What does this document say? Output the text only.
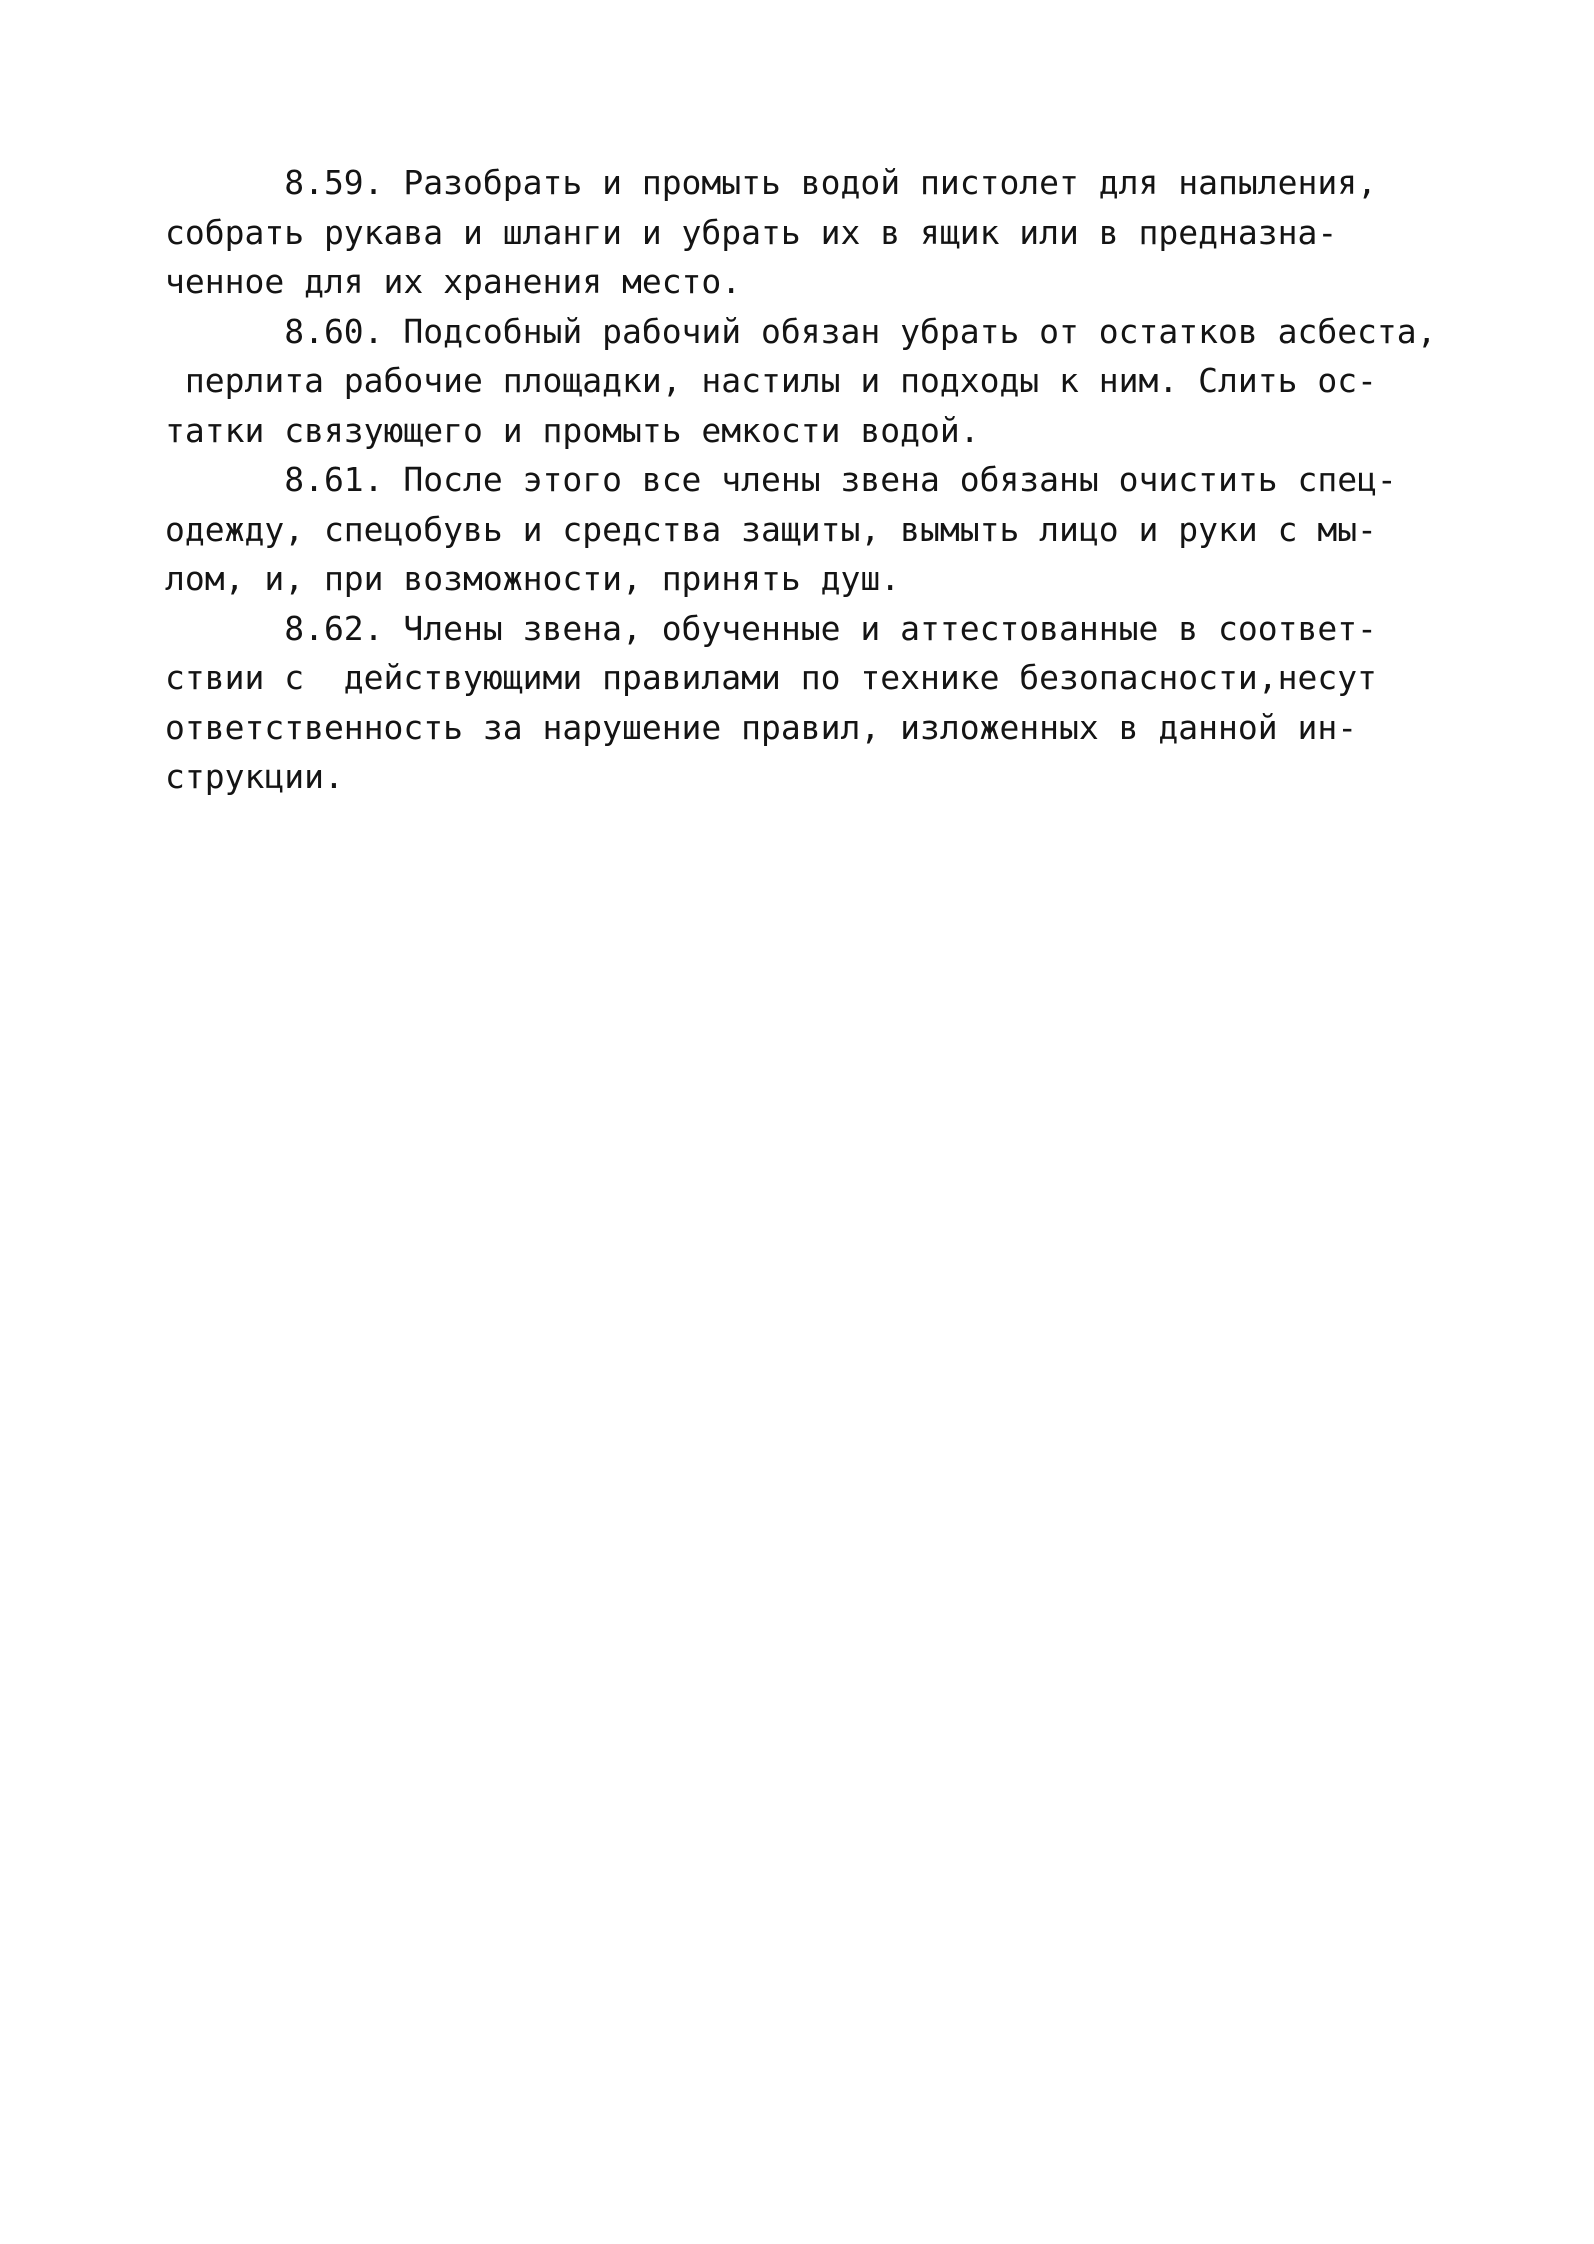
8.59. Разобрать и промыть водой пистолет для напыления,
собрать рукава и шланги и убрать их в ящик или в предназна-
ченное для их хранения место.
8.60. Подсобный рабочий обязан убрать от остатков асбеста,
перлита рабочие площадки, настилы и подходы к ним. Слить ос-
татки связующего и промыть емкости водой.
8.61. После этого все члены звена обязаны очистить спец-
одежду, спецобувь и средства защиты, вымыть лицо и руки с мы-
лом, и, при возможности, принять душ.
8.62. Члены звена, обученные и аттестованные в соответ-
ствии с  действующими правилами по технике безопасности,несут
ответственность за нарушение правил, изложенных в данной ин-
струкции.
